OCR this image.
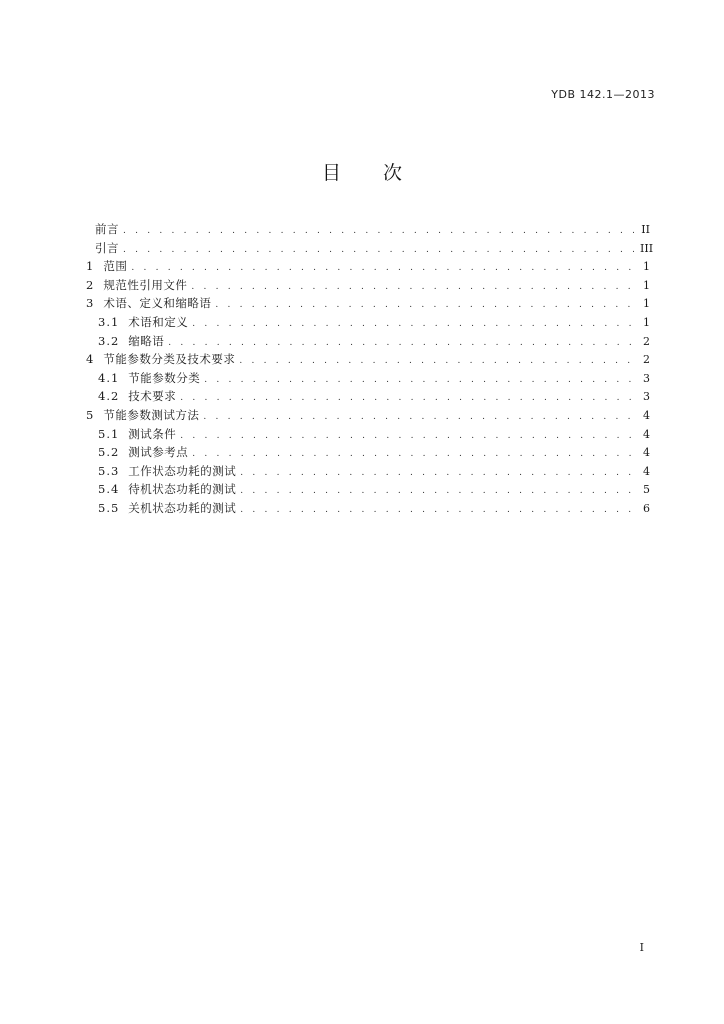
YDB 142.1—2013
目 次
前言 . . .	II
引言 . . .	III
1 范围 . . .	1
2 规范性引用文件 . . .	1
3 术语、定义和缩略语 . . .	1
3.1 术语和定义 . . .	1
3.2 缩略语 . . .	2
4 节能参数分类及技术要求 . . .	2
4.1 节能参数分类 . . .	3
4.2 技术要求 . . .	3
5 节能参数测试方法 . . .	4
5.1 测试条件 . . .	4
5.2 测试参考点 . . .	4
5.3 工作状态功耗的测试 . . .	4
5.4 待机状态功耗的测试 . . .	5
5.5 关机状态功耗的测试 . . .	6
I
